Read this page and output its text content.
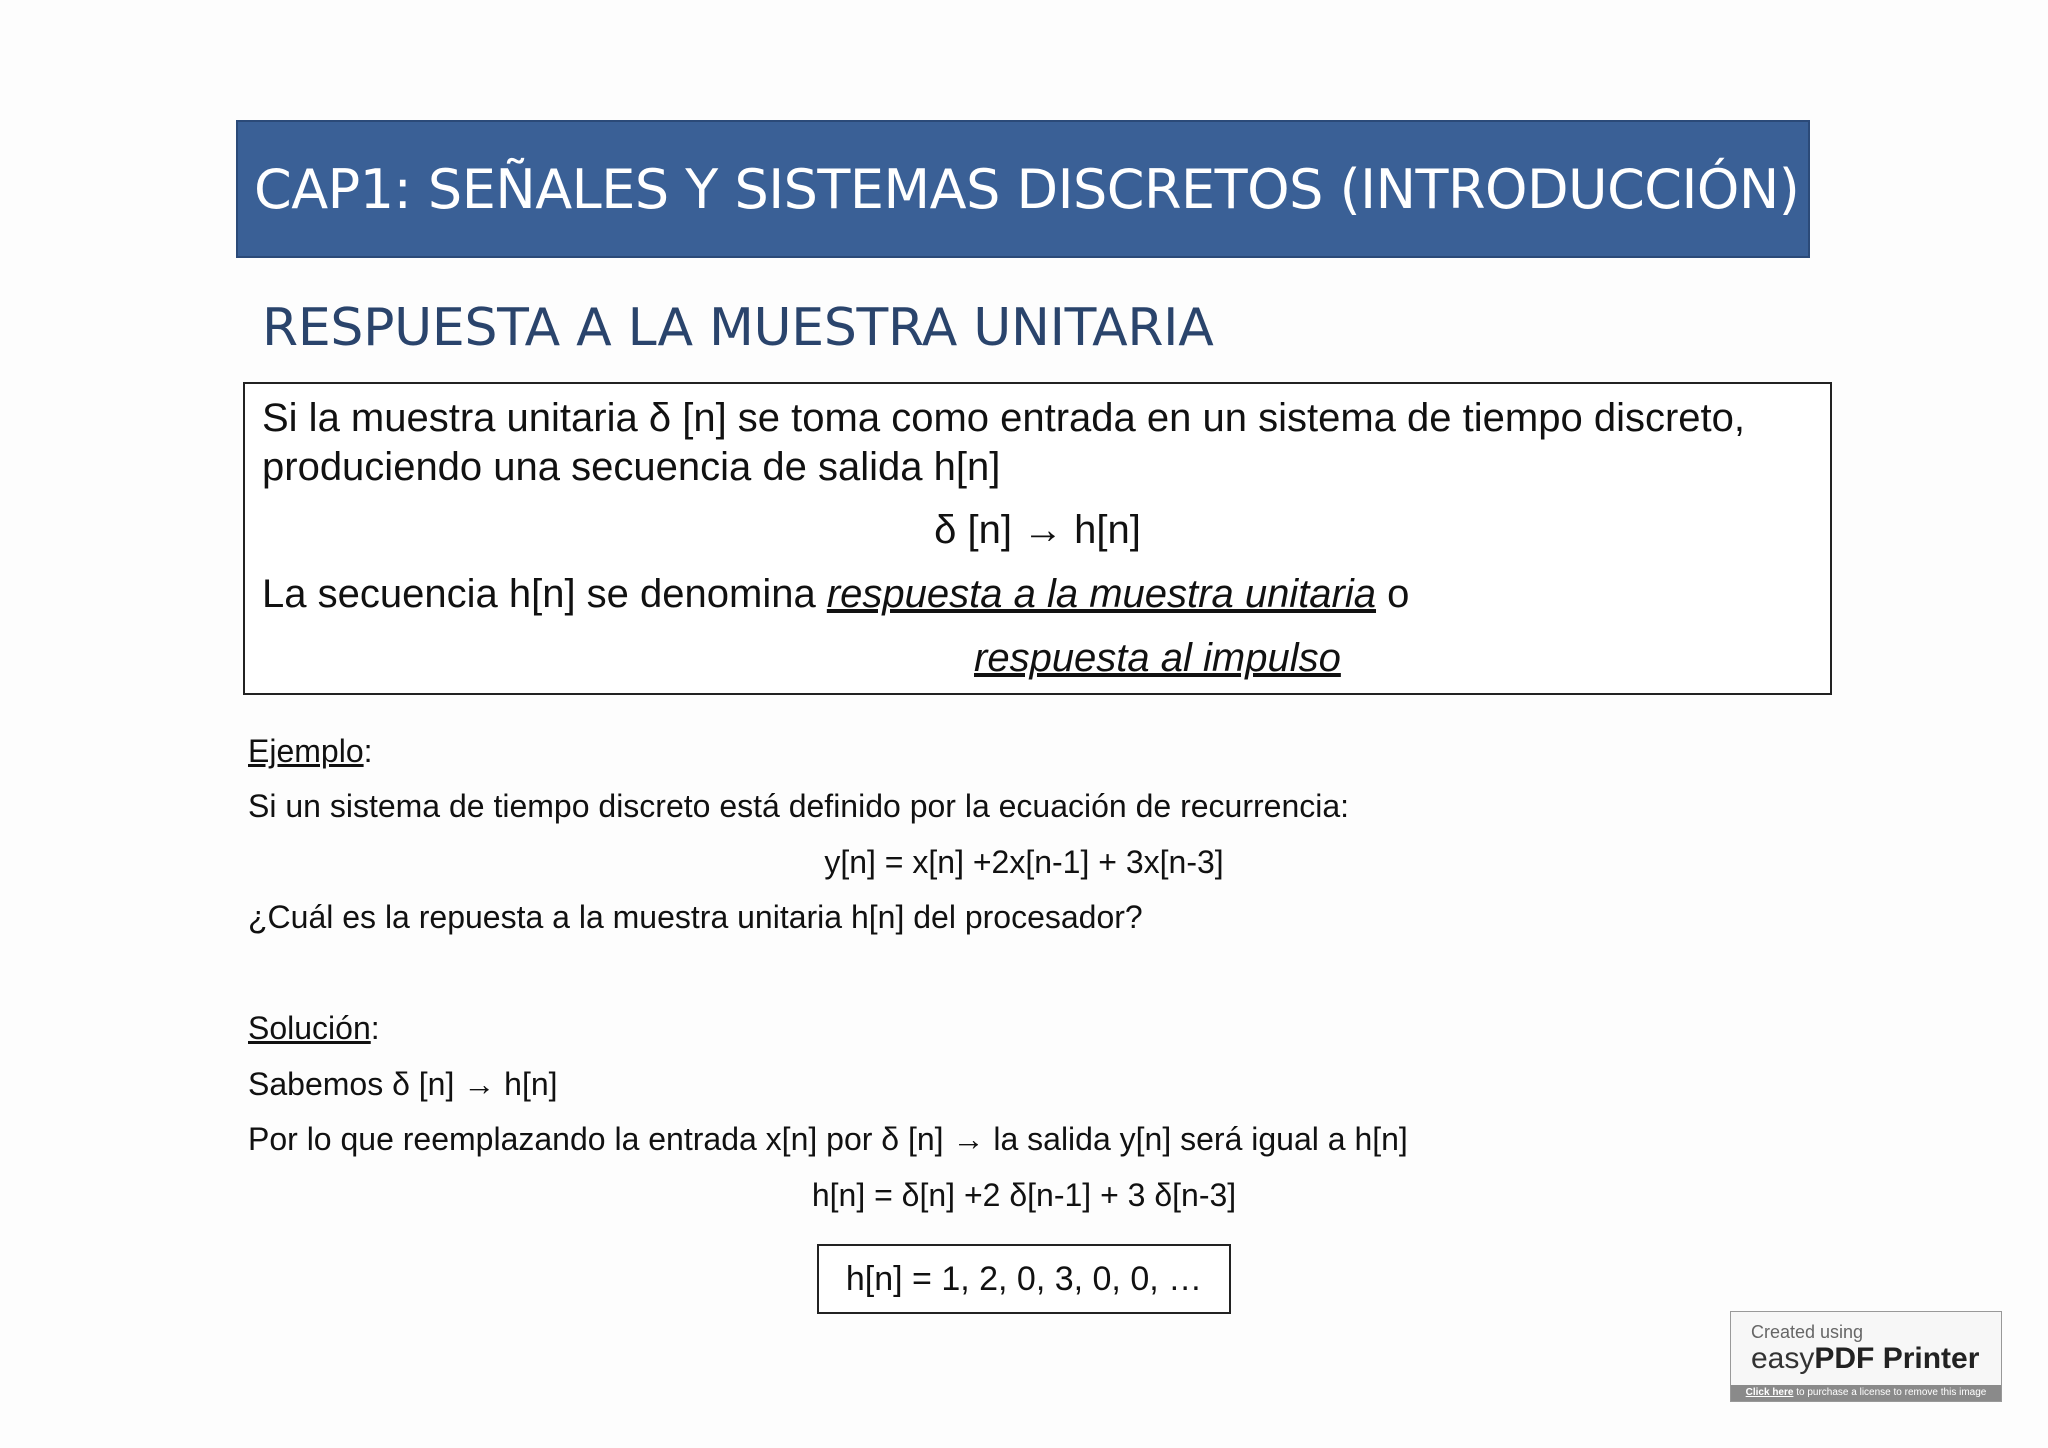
CAP1: SEÑALES Y SISTEMAS DISCRETOS (INTRODUCCIÓN)
RESPUESTA A LA MUESTRA UNITARIA
Si la muestra unitaria δ [n] se toma como entrada en un sistema de tiempo discreto,
produciendo una secuencia de salida h[n]
δ [n] → h[n]
La secuencia h[n] se denomina respuesta a la muestra unitaria o
respuesta al impulso
Ejemplo:
Si un sistema de tiempo discreto está definido por la ecuación de recurrencia:
y[n] = x[n] +2x[n-1] + 3x[n-3]
¿Cuál es la repuesta a la muestra unitaria h[n] del procesador?
Solución:
Sabemos δ [n] → h[n]
Por lo que reemplazando la entrada x[n] por δ [n] → la salida y[n] será igual a h[n]
h[n] = δ[n] +2 δ[n-1] + 3 δ[n-3]
h[n] = 1, 2, 0, 3, 0, 0, …
Created using
easyPDF Printer
Click here to purchase a license to remove this image
